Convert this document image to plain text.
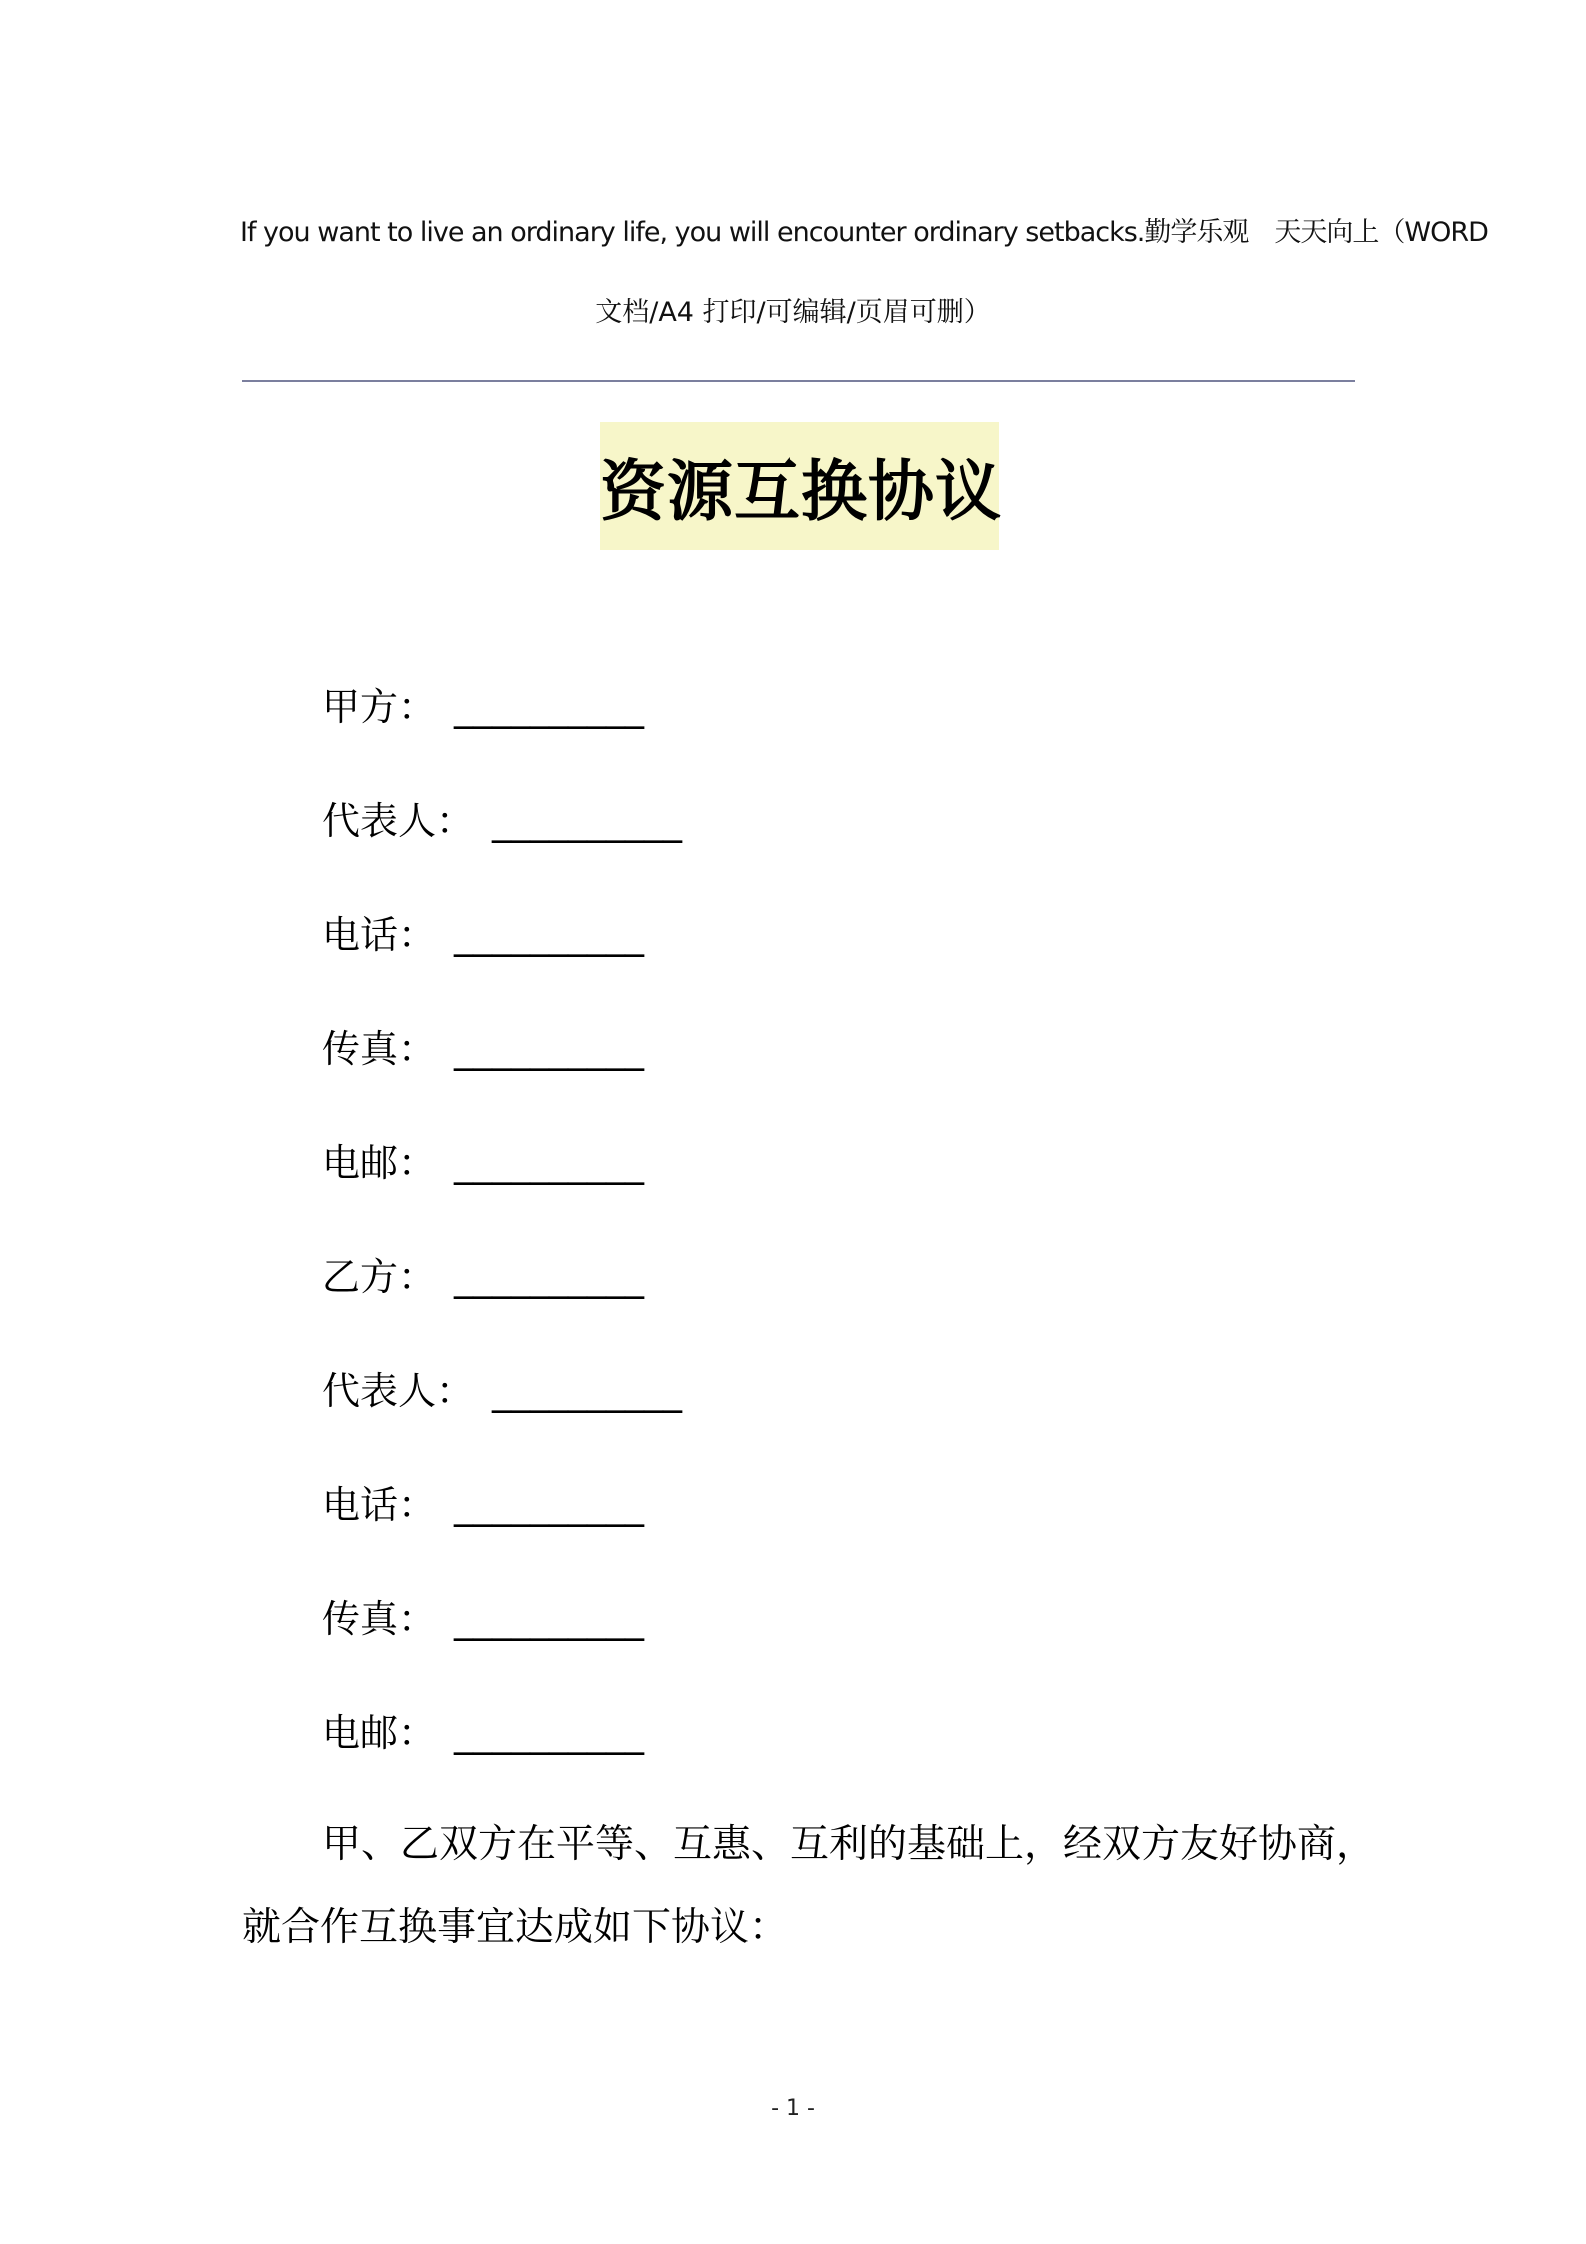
If you want to live an ordinary life, you will encounter ordinary setbacks.勤学乐观　天天向上（WORD
文档/A4 打印/可编辑/页眉可删）
资源互换协议
甲方： __________
代表人： __________
电话： __________
传真： __________
电邮： __________
乙方： __________
代表人： __________
电话： __________
传真： __________
电邮： __________
甲、乙双方在平等、互惠、互利的基础上，经双方友好协商，
就合作互换事宜达成如下协议：
- 1 -
